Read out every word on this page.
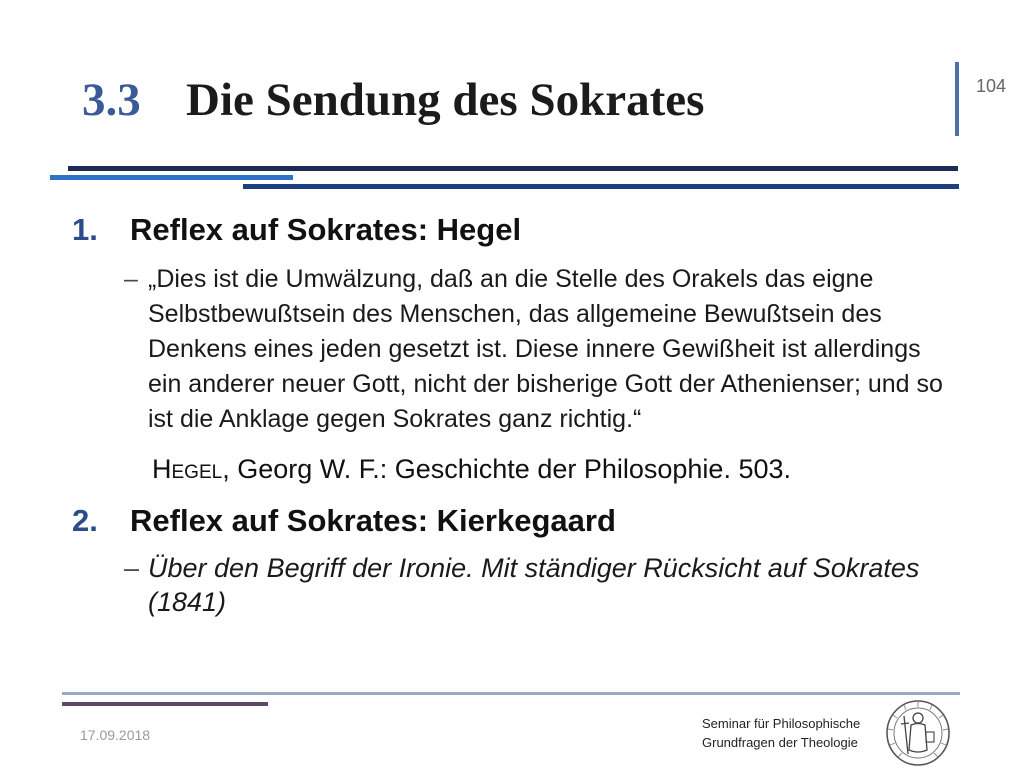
3.3 Die Sendung des Sokrates	104
1.	Reflex auf Sokrates: Hegel
– „Dies ist die Umwälzung, daß an die Stelle des Orakels das eigne Selbstbewußtsein des Menschen, das allgemeine Bewußtsein des Denkens eines jeden gesetzt ist. Diese innere Gewißheit ist allerdings ein anderer neuer Gott, nicht der bisherige Gott der Athenienser; und so ist die Anklage gegen Sokrates ganz richtig.“
Hegel, Georg W. F.: Geschichte der Philosophie. 503.
2.	Reflex auf Sokrates: Kierkegaard
– Über den Begriff der Ironie. Mit ständiger Rücksicht auf Sokrates (1841)
17.09.2018
Seminar für Philosophische
Grundfragen der Theologie
